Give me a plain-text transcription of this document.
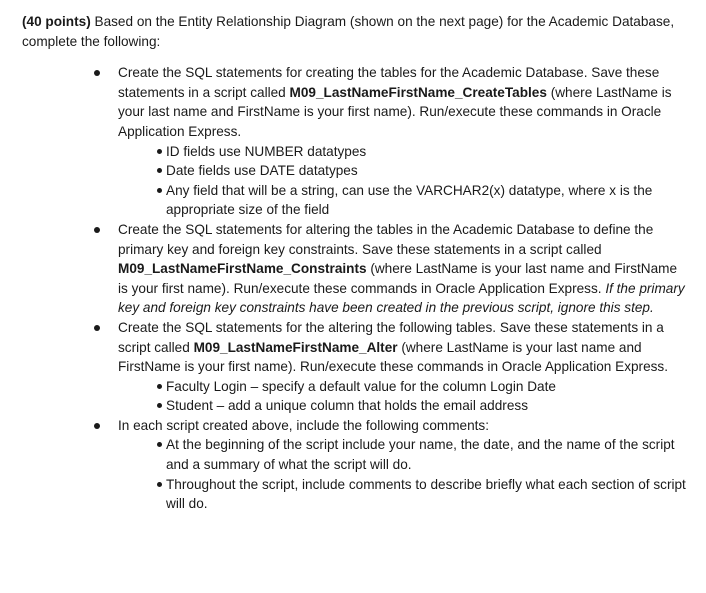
(40 points) Based on the Entity Relationship Diagram (shown on the next page) for the Academic Database, complete the following:

Create the SQL statements for creating the tables for the Academic Database. Save these statements in a script called M09_LastNameFirstName_CreateTables (where LastName is your last name and FirstName is your first name). Run/execute these commands in Oracle Application Express.
ID fields use NUMBER datatypes
Date fields use DATE datatypes
Any field that will be a string, can use the VARCHAR2(x) datatype, where x is the appropriate size of the field
Create the SQL statements for altering the tables in the Academic Database to define the primary key and foreign key constraints. Save these statements in a script called M09_LastNameFirstName_Constraints (where LastName is your last name and FirstName is your first name). Run/execute these commands in Oracle Application Express. If the primary key and foreign key constraints have been created in the previous script, ignore this step.
Create the SQL statements for the altering the following tables. Save these statements in a script called M09_LastNameFirstName_Alter (where LastName is your last name and FirstName is your first name). Run/execute these commands in Oracle Application Express.
Faculty Login – specify a default value for the column Login Date
Student – add a unique column that holds the email address
In each script created above, include the following comments:
At the beginning of the script include your name, the date, and the name of the script and a summary of what the script will do.
Throughout the script, include comments to describe briefly what each section of script will do.
